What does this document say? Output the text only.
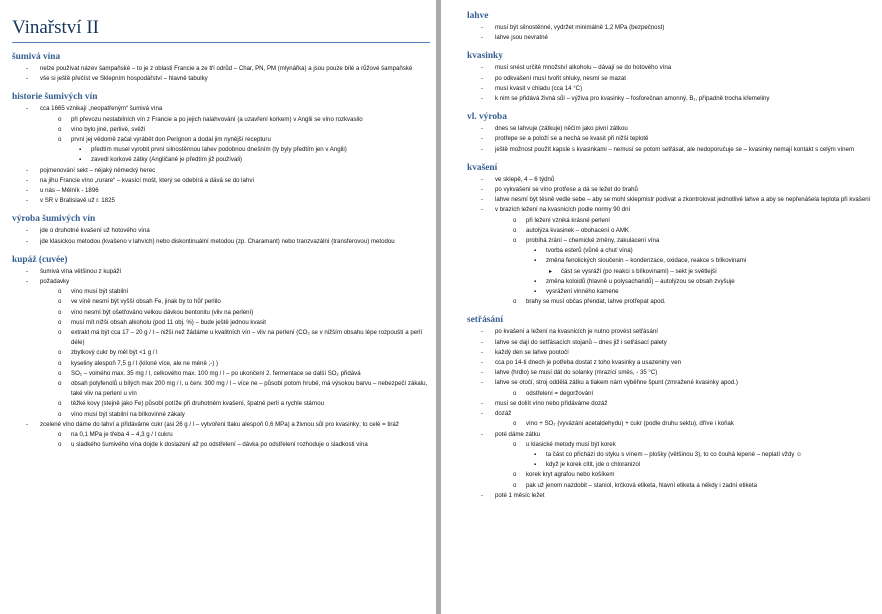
Vinařství II
šumivá vína
- nelze používat název šampaňské – to je z oblasti Francie a ze tří odrůd – Char, PN, PM (mlynářka) a jsou pouze bílé a růžové šampaňské
- vše si ještě přečíst ve Sklepním hospodářství – hlavně tabulky
historie šumivých vín
- cca 1665 vznikají „neopatřeným“ šumivá vína
o při převozu nestabilních vín z Francie a po jejich nalahvování (a uzavření korkem) v Anglii se víno rozkvasilo
o víno bylo jiné, perlivé, svěží
o první jej vědomě začal vyrábět don Perignon a dodal jim nynější recepturu
▪ předtím musel vyrobit první silnostěnnou lahev podobnou dnešním (ty byly předtím jen v Anglii)
▪ zavedl korkové zátky (Angličané je předtím již používali)
- pojmenování sekt – nějaký německý herec
- na jihu Francie víno „rurare“ – kvasící mošt, který se odebírá a dává se do lahví
- u nás – Mělník - 1896
- v SR v Bratislavě už r. 1825
výroba šumivých vín
- jde o druhotné kvašení už hotového vína
- jde klasickou metodou (kvašeno v lahvích) nebo diskontinuální metodou (zp. Charamant) nebo tranzvazální (transferovou) metodou
kupáž (cuvée)
- šumivá vína většinou z kupáží
- požadavky
o víno musí být stabilní
o ve víně nesmí být vyšší obsah Fe, jinak by to hůř perlilo
o víno nesmí být ošetřováno velkou dávkou bentonitu (vliv na perlení)
o musí mít nižší obsah alkoholu (pod 11 obj. %) – bude ještě jednou kvasit
o extrakt má být cca 17 – 20 g / l – nižší než žádáme u kvalitních vín – vliv na perlení (CO₂ se v nižším obsahu lépe rozpouští a perlí déle)
o zbytkový cukr by měl být <1 g / l
o kyseliny alespoň 7,5 g / l (kiloné více, ale ne méně ;-) )
o SO₂ – volného max. 35 mg / l, celkového max. 100 mg / l – po ukončení 2. fermentace se další SO₂ přidává
o obsah polyfenolů u bílých max 200 mg / l, u červ. 300 mg / l – více ne – působí potom hrubě, má výsokou barvu – nebezpečí zákalu, také vliv na perlení u vín
o těžké kovy (stejně jako Fe) působí potíže při druhotném kvašení, špatně perlí a rychle stárnou
o víno musí být stabilní na bílkovinné zákaly
- zcelené víno dáme do lahví a přidáváme cukr (asi 26 g / l – vytvoření tlaku alespoň 0,6 MPa) a živnou sůl pro kvasinky; to celé = tiráž
o na 0,1 MPa je třeba 4 – 4,3 g / l cukru
o u sladkého šumivého vína dojde k doslazení až po odstřelení – dávka po odstřelení rozhoduje o sladkosti vína
lahve
- musí být silnostěnné, vydržet minimálně 1,2 MPa (bezpečnost)
- lahve jsou nevratné
kvasinky
- musí snést určité množství alkoholu – dávají se do hotového vína
- po odkvašení musí tvořit shluky, nesmí se mazat
- musí kvasit v chladu (cca 14 °C)
- k nim se přidává živná sůl – výživa pro kvasinky – fosforečnan amonný, B₁, případně trocha křemeliny
vl. výroba
- dnes se lahvuje (zátkuje) něčím jako pivní zátkou
- protřepe se a položí se a nechá se kvasit při nižší teplotě
- ještě možnost použít kapsle s kvasinkami – nemusí se potom setřásat, ale nedoporučuje se – kvasinky nemají kontakt s celým vínem
kvašení
- ve sklepě, 4 – 6 týdnů
- po vykvašení se víno protřese a dá se ležet do brahů
- lahve nesmí být těsně vedle sebe – aby se mohl sklepmistr podívat a zkontrolovat jednotlivé lahve a aby se nepřenášela teplota při kvašení
- v brazích ležení na kvasnicích podle normy 90 dní
o při ležení vzniká krásné perlení
o autolýza kvasinek – obohacení o AMK
o probíhá zrání – chemické změny, zakulacení vína
▪ tvorba esterů (vůně a chuť vína)
▪ změna fenolických sloučenin – kondenzace, oxidace, reakce s bílkovinami
▸ část se vysráží (po reakci s bílkovinami) – sekt je světlejší
▪ změna koloidů (hlavně u polysacharidů) – autolýzou se obsah zvyšuje
▪ vysrážení vinného kamene
o brahy se musí občas přendat, lahve protřepat apod.
setřásání
- po kvašení a ležení na kvasnicích je nutno provést setřásání
- lahve se dají do setřásacích stojanů – dnes již i setřásací palety
- každý den se lahve pootočí
- cca po 14-ti dnech je potřeba dostat z toho kvasinky a usazeniny ven
- lahve (hrdlo) se musí dát do solanky (mrazící směs, - 35 °C)
- lahve se otočí, stroj oddělá zátku a tlakem nám vyběhne špunt (zmražené kvasinky apod.)
o odstřelení = degoržování
- musí se doliít víno nebo přidáváme dozáž
- dozáž
o víno + SO₂ (vyvázání acetaldehydu) + cukr (podle druhu sektu), dříve i koňak
- poté dáme zátku
o u klasické metody musí být korek
▪ ta část co přichází do styku s vínem – plošky (většinou 3), to co čouhá lepené – neplatí vždy ☺
▪ když je korek cítit, jde o chloranizol
o korek kryt agrafou nebo košíkem
o pak už jenom nazdobit – staniol, krčková etiketa, hlavní etiketa a někdy i zadní etiketa
- poté 1 měsíc ležet
